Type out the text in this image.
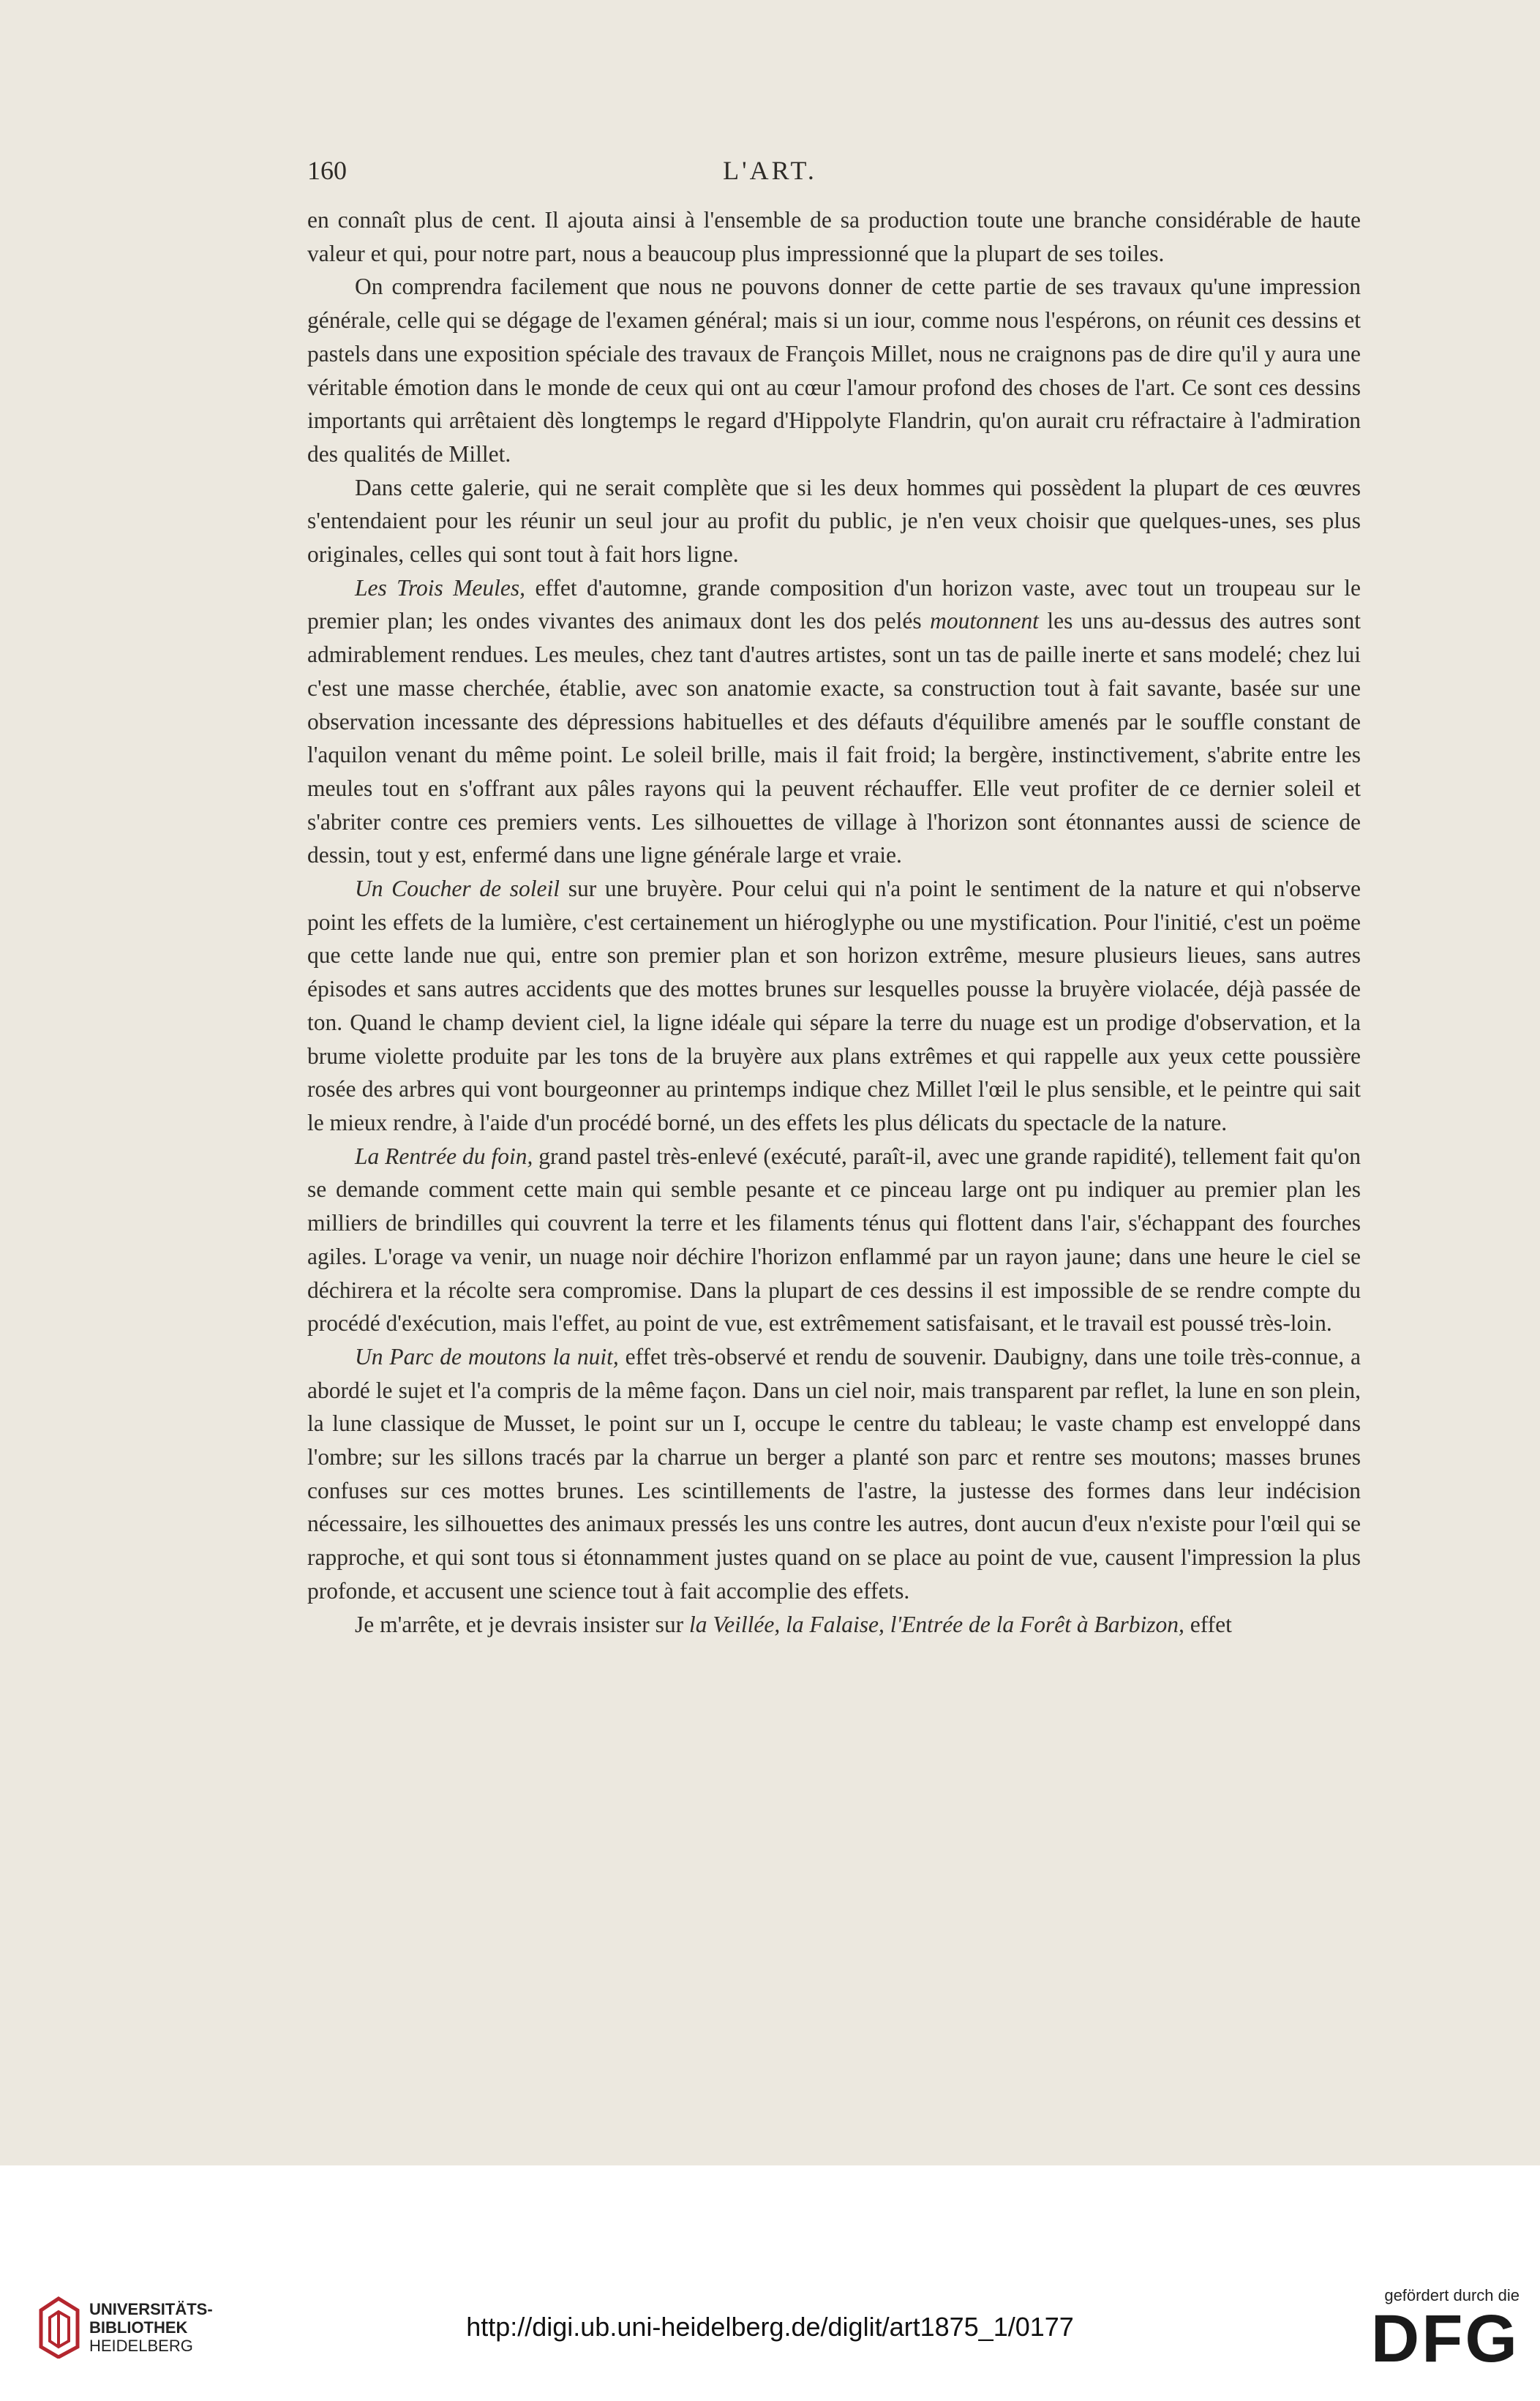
160	L'ART.

en connaît plus de cent. Il ajouta ainsi à l'ensemble de sa production toute une branche considérable de haute valeur et qui, pour notre part, nous a beaucoup plus impressionné que la plupart de ses toiles.

On comprendra facilement que nous ne pouvons donner de cette partie de ses travaux qu'une impression générale, celle qui se dégage de l'examen général; mais si un iour, comme nous l'espérons, on réunit ces dessins et pastels dans une exposition spéciale des travaux de François Millet, nous ne craignons pas de dire qu'il y aura une véritable émotion dans le monde de ceux qui ont au cœur l'amour profond des choses de l'art. Ce sont ces dessins importants qui arrêtaient dès longtemps le regard d'Hippolyte Flandrin, qu'on aurait cru réfractaire à l'admiration des qualités de Millet.

Dans cette galerie, qui ne serait complète que si les deux hommes qui possèdent la plupart de ces œuvres s'entendaient pour les réunir un seul jour au profit du public, je n'en veux choisir que quelques-unes, ses plus originales, celles qui sont tout à fait hors ligne.

Les Trois Meules, effet d'automne, grande composition d'un horizon vaste, avec tout un troupeau sur le premier plan; les ondes vivantes des animaux dont les dos pelés moutonnent les uns au-dessus des autres sont admirablement rendues. Les meules, chez tant d'autres artistes, sont un tas de paille inerte et sans modelé; chez lui c'est une masse cherchée, établie, avec son anatomie exacte, sa construction tout à fait savante, basée sur une observation incessante des dépressions habituelles et des défauts d'équilibre amenés par le souffle constant de l'aquilon venant du même point. Le soleil brille, mais il fait froid; la bergère, instinctivement, s'abrite entre les meules tout en s'offrant aux pâles rayons qui la peuvent réchauffer. Elle veut profiter de ce dernier soleil et s'abriter contre ces premiers vents. Les silhouettes de village à l'horizon sont étonnantes aussi de science de dessin, tout y est, enfermé dans une ligne générale large et vraie.

Un Coucher de soleil sur une bruyère. Pour celui qui n'a point le sentiment de la nature et qui n'observe point les effets de la lumière, c'est certainement un hiéroglyphe ou une mystification. Pour l'initié, c'est un poëme que cette lande nue qui, entre son premier plan et son horizon extrême, mesure plusieurs lieues, sans autres épisodes et sans autres accidents que des mottes brunes sur lesquelles pousse la bruyère violacée, déjà passée de ton. Quand le champ devient ciel, la ligne idéale qui sépare la terre du nuage est un prodige d'observation, et la brume violette produite par les tons de la bruyère aux plans extrêmes et qui rappelle aux yeux cette poussière rosée des arbres qui vont bourgeonner au printemps indique chez Millet l'œil le plus sensible, et le peintre qui sait le mieux rendre, à l'aide d'un procédé borné, un des effets les plus délicats du spectacle de la nature.

La Rentrée du foin, grand pastel très-enlevé (exécuté, paraît-il, avec une grande rapidité), tellement fait qu'on se demande comment cette main qui semble pesante et ce pinceau large ont pu indiquer au premier plan les milliers de brindilles qui couvrent la terre et les filaments ténus qui flottent dans l'air, s'échappant des fourches agiles. L'orage va venir, un nuage noir déchire l'horizon enflammé par un rayon jaune; dans une heure le ciel se déchirera et la récolte sera compromise. Dans la plupart de ces dessins il est impossible de se rendre compte du procédé d'exécution, mais l'effet, au point de vue, est extrêmement satisfaisant, et le travail est poussé très-loin.

Un Parc de moutons la nuit, effet très-observé et rendu de souvenir. Daubigny, dans une toile très-connue, a abordé le sujet et l'a compris de la même façon. Dans un ciel noir, mais transparent par reflet, la lune en son plein, la lune classique de Musset, le point sur un I, occupe le centre du tableau; le vaste champ est enveloppé dans l'ombre; sur les sillons tracés par la charrue un berger a planté son parc et rentre ses moutons; masses brunes confuses sur ces mottes brunes. Les scintillements de l'astre, la justesse des formes dans leur indécision nécessaire, les silhouettes des animaux pressés les uns contre les autres, dont aucun d'eux n'existe pour l'œil qui se rapproche, et qui sont tous si étonnamment justes quand on se place au point de vue, causent l'impression la plus profonde, et accusent une science tout à fait accomplie des effets.

Je m'arrête, et je devrais insister sur la Veillée, la Falaise, l'Entrée de la Forêt à Barbizon, effet

UNIVERSITÄTS-
BIBLIOTHEK
HEIDELBERG
http://digi.ub.uni-heidelberg.de/diglit/art1875_1/0177
gefördert durch die
DFG
